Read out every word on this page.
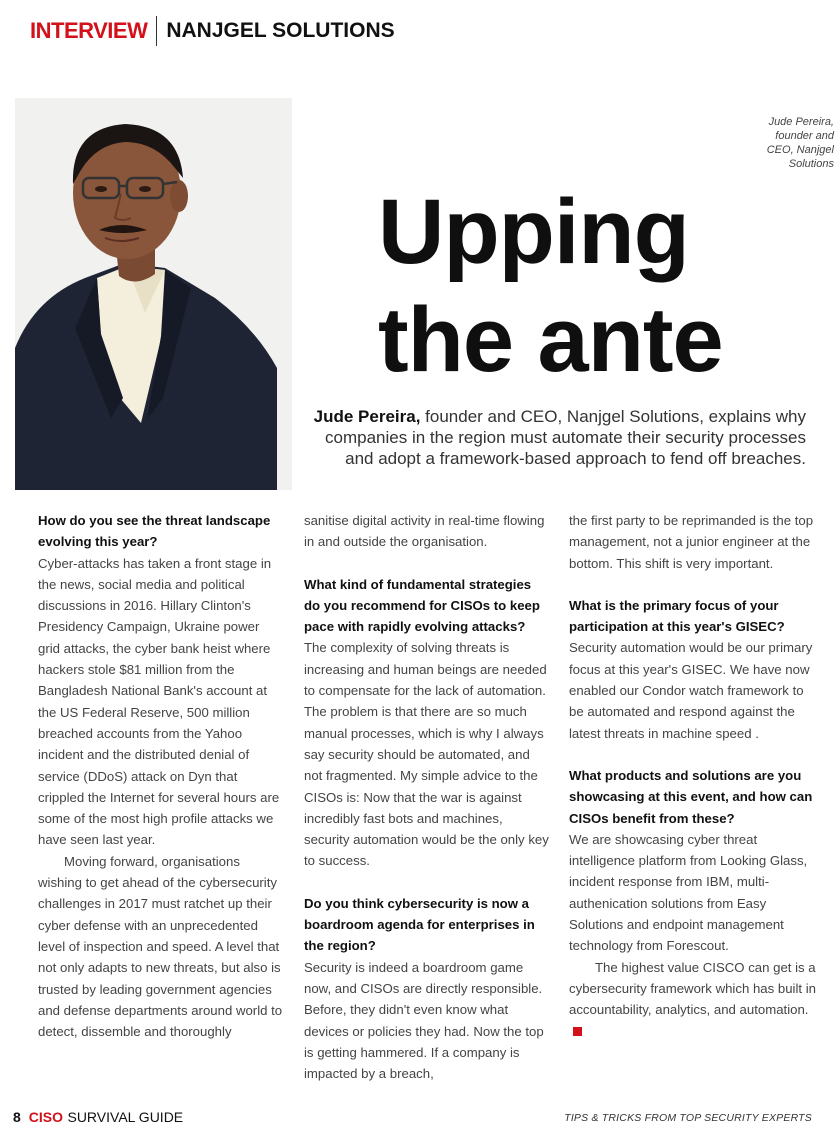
INTERVIEW NANJGEL SOLUTIONS
Jude Pereira,
founder and
CEO, Nanjgel
Solutions
Upping
the ante
Jude Pereira, founder and CEO, Nanjgel Solutions, explains why companies in the region must automate their security processes and adopt a framework-based approach to fend off breaches.

How do you see the threat landscape evolving this year?

Cyber-attacks has taken a front stage in the news, social media and political discussions in 2016. Hillary Clinton's Presidency Campaign, Ukraine power grid attacks, the cyber bank heist where hackers stole $81 million from the Bangladesh National Bank's account at the US Federal Reserve, 500 million breached accounts from the Yahoo incident and the distributed denial of service (DDoS) attack on Dyn that crippled the Internet for several hours are some of the most high profile attacks we have seen last year.

Moving forward, organisations wishing to get ahead of the cybersecurity challenges in 2017 must ratchet up their cyber defense with an unprecedented level of inspection and speed. A level that not only adapts to new threats, but also is trusted by leading government agencies and defense departments around world to detect, dissemble and thoroughly

sanitise digital activity in real-time flowing in and outside the organisation.

What kind of fundamental strategies do you recommend for CISOs to keep pace with rapidly evolving attacks?

The complexity of solving threats is increasing and human beings are needed to compensate for the lack of automation. The problem is that there are so much manual processes, which is why I always say security should be automated, and not fragmented. My simple advice to the CISOs is: Now that the war is against incredibly fast bots and machines, security automation would be the only key to success.

Do you think cybersecurity is now a boardroom agenda for enterprises in the region?

Security is indeed a boardroom game now, and CISOs are directly responsible. Before, they didn't even know what devices or policies they had. Now the top is getting hammered. If a company is impacted by a breach,

the first party to be reprimanded is the top management, not a junior engineer at the bottom. This shift is very important.

What is the primary focus of your participation at this year's GISEC?

Security automation would be our primary focus at this year's GISEC. We have now enabled our Condor watch framework to be automated and respond against the latest threats in machine speed .

What products and solutions are you showcasing at this event, and how can CISOs benefit from these?

We are showcasing cyber threat intelligence platform from Looking Glass, incident response from IBM, multi-authenication solutions from Easy Solutions and endpoint management technology from Forescout.

The highest value CISCO can get is a cybersecurity framework which has built in accountability, analytics, and automation.

8 CISO SURVIVAL GUIDE	TIPS & TRICKS FROM TOP SECURITY EXPERTS
